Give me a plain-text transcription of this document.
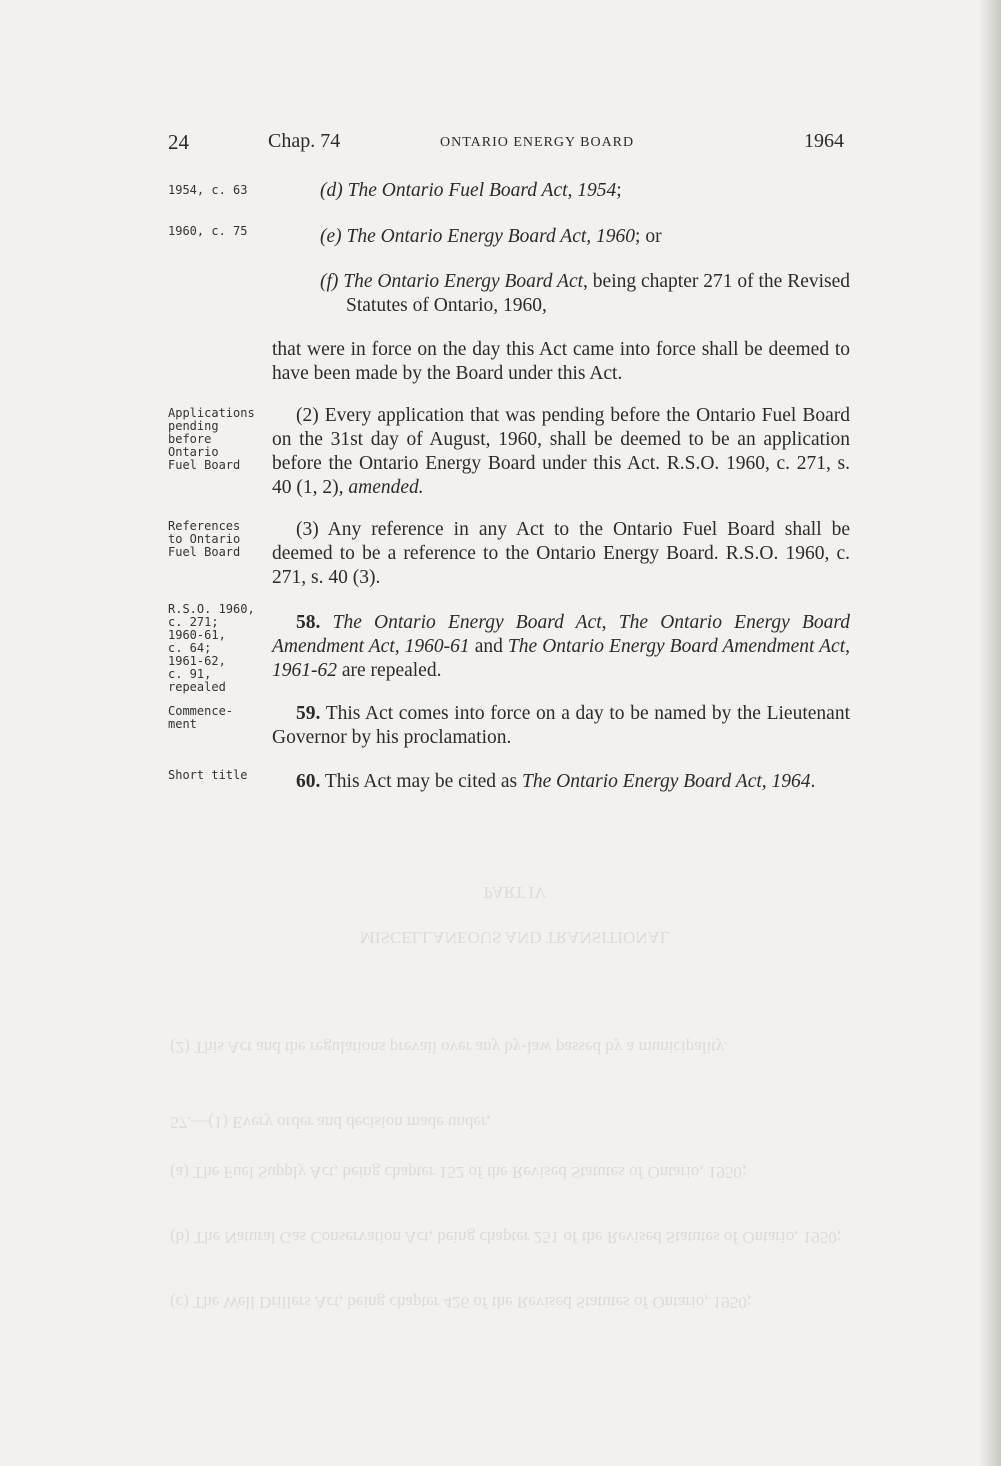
PART IV
MISCELLANEOUS AND TRANSITIONAL
(2) This Act and the regulations prevail over any by-law passed by a municipality.
57.—(1) Every order and decision made under,
(a) The Fuel Supply Act, being chapter 152 of the Revised Statutes of Ontario, 1950;
(b) The Natural Gas Conservation Act, being chapter 251 of the Revised Statutes of Ontario, 1950;
(c) The Well Drillers Act, being chapter 426 of the Revised Statutes of Ontario, 1950;
24	Chap. 74	ONTARIO ENERGY BOARD	1964
1954, c. 63
1960, c. 75
Applications
pending
before
Ontario
Fuel Board
References
to Ontario
Fuel Board
R.S.O. 1960,
c. 271;
1960-61,
c. 64;
1961-62,
c. 91,
repealed
Commence-
ment
Short title
(d) The Ontario Fuel Board Act, 1954;
(e) The Ontario Energy Board Act, 1960; or
(f) The Ontario Energy Board Act, being chapter 271 of the Revised Statutes of Ontario, 1960,
that were in force on the day this Act came into force shall be deemed to have been made by the Board under this Act.
(2) Every application that was pending before the Ontario Fuel Board on the 31st day of August, 1960, shall be deemed to be an application before the Ontario Energy Board under this Act. R.S.O. 1960, c. 271, s. 40 (1, 2), amended.
(3) Any reference in any Act to the Ontario Fuel Board shall be deemed to be a reference to the Ontario Energy Board. R.S.O. 1960, c. 271, s. 40 (3).
58. The Ontario Energy Board Act, The Ontario Energy Board Amendment Act, 1960-61 and The Ontario Energy Board Amendment Act, 1961-62 are repealed.
59. This Act comes into force on a day to be named by the Lieutenant Governor by his proclamation.
60. This Act may be cited as The Ontario Energy Board Act, 1964.
